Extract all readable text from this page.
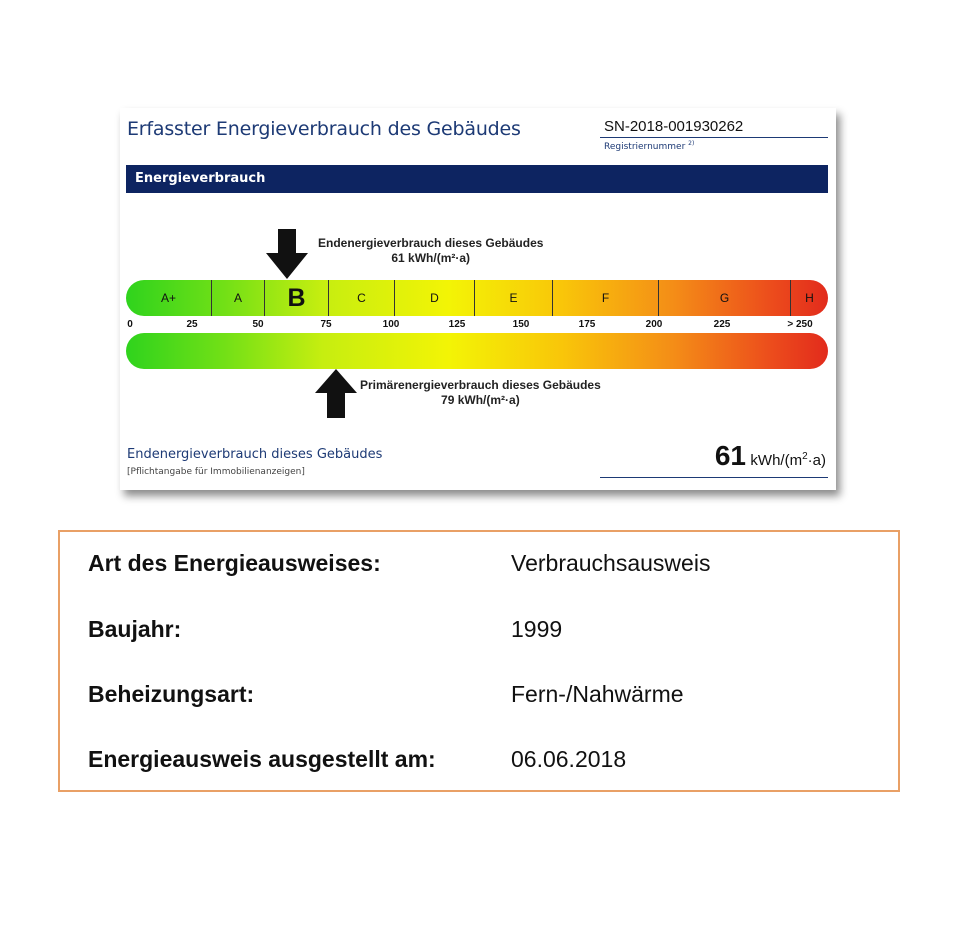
Erfasster Energieverbrauch des Gebäudes	SN-2018-001930262
Registriernummer $^{2)}$
Energieverbrauch
Endenergieverbrauch dieses Gebäudes
61 kWh/(m²·a)
A+	A	B	C	D	E	F	G	H
0	25	50	75	100	125	150	175	200	225	> 250
Primärenergieverbrauch dieses Gebäudes
79 kWh/(m²·a)
Endenergieverbrauch dieses Gebäudes
[Pflichtangabe für Immobilienanzeigen]
61 kWh/$(m^2\cdot a)$
Art des Energieausweises:	Verbrauchsausweis
Baujahr:	1999
Beheizungsart:	Fern-/Nahwärme
Energieausweis ausgestellt am:	06.06.2018
